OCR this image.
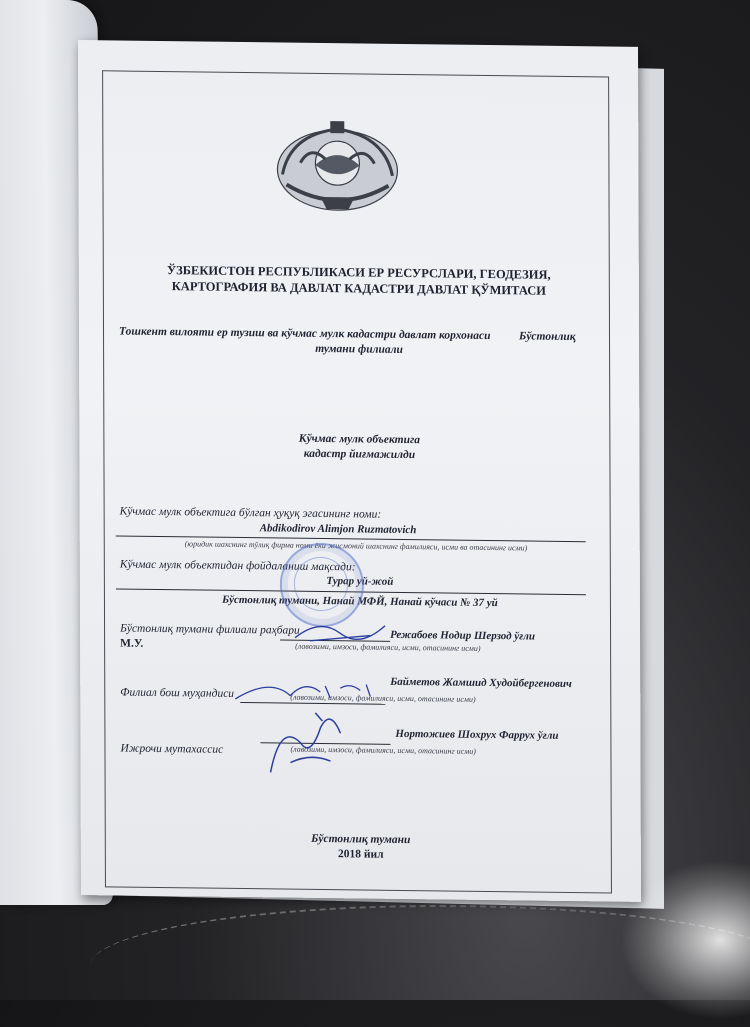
ЎЗБЕКИСТОН РЕСПУБЛИКАСИ ЕР РЕСУРСЛАРИ, ГЕОДЕЗИЯ,
КАРТОГРАФИЯ ВА ДАВЛАТ КАДАСТРИ ДАВЛАТ ҚЎМИТАСИ
Тошкент вилояти ер тузиш ва кўчмас мулк кадастри давлат корхонаси Бўстонлиқ
тумани филиали
Кўчмас мулк объектига
кадастр йиғмажилди
Кўчмас мулк объектига бўлган ҳуқуқ эгасининг номи:
Abdikodirov Alimjon Ruzmatovich
(юридик шахснинг тўлиқ фирма номи ёки жисмоний шахснинг фамилияси, исми ва отасининг исми)
Кўчмас мулк объектидан фойдаланиш мақсади:
Турар уй-жой
Бўстонлиқ тумани, Нанай МФЙ, Нанай кўчаси № 37 уй
Бўстонлиқ тумани филиали раҳбари	Режабоев Нодир Шерзод ўғли
(лавозими, имзоси, фамилияси, исми, отасининг исми)
М.У.
Филиал бош муҳандиси
Байметов Жамшид Худойбергенович
(лавозими, имзоси, фамилияси, исми, отасининг исми)
Ижрочи мутахассис
Нортожиев Шохрух Фаррух ўғли
(лавозими, имзоси, фамилияси, исми, отасининг исми)
Бўстонлиқ тумани
2018 йил
